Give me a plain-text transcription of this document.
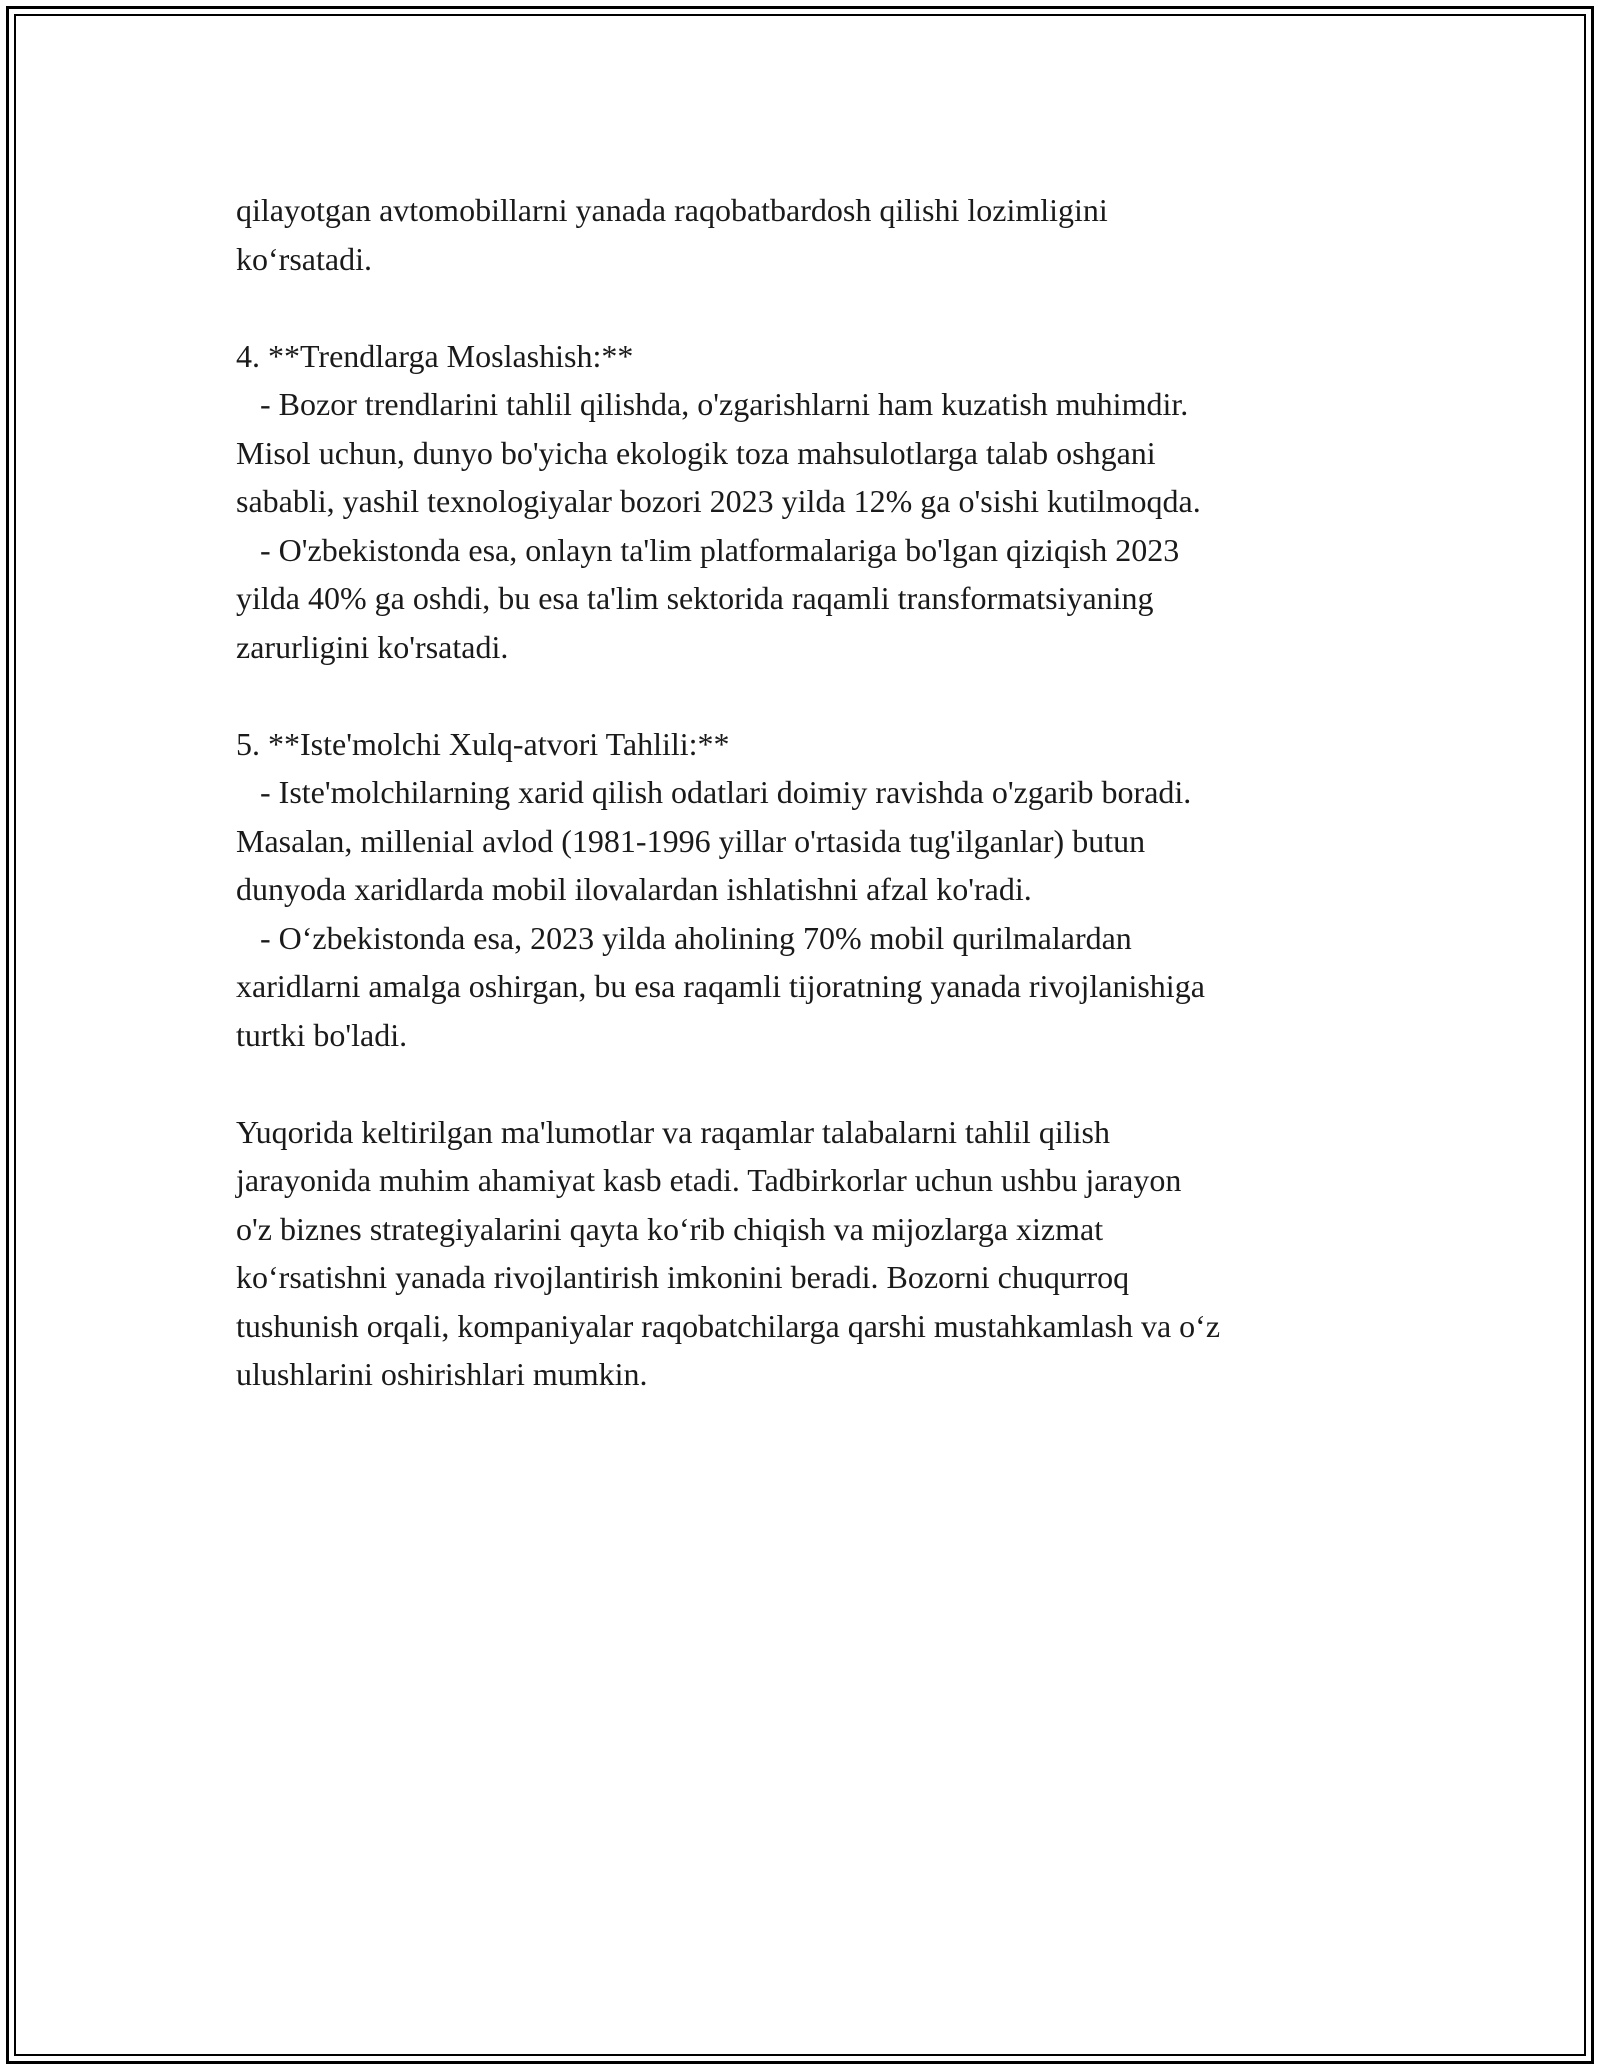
qilayotgan avtomobillarni yanada raqobatbardosh qilishi lozimligini
ko‘rsatadi.
4. **Trendlarga Moslashish:**
- Bozor trendlarini tahlil qilishda, o'zgarishlarni ham kuzatish muhimdir.
Misol uchun, dunyo bo'yicha ekologik toza mahsulotlarga talab oshgani
sababli, yashil texnologiyalar bozori 2023 yilda 12% ga o'sishi kutilmoqda.
- O'zbekistonda esa, onlayn ta'lim platformalariga bo'lgan qiziqish 2023
yilda 40% ga oshdi, bu esa ta'lim sektorida raqamli transformatsiyaning
zarurligini ko'rsatadi.
5. **Iste'molchi Xulq-atvori Tahlili:**
- Iste'molchilarning xarid qilish odatlari doimiy ravishda o'zgarib boradi.
Masalan, millenial avlod (1981-1996 yillar o'rtasida tug'ilganlar) butun
dunyoda xaridlarda mobil ilovalardan ishlatishni afzal ko'radi.
- O‘zbekistonda esa, 2023 yilda aholining 70% mobil qurilmalardan
xaridlarni amalga oshirgan, bu esa raqamli tijoratning yanada rivojlanishiga
turtki bo'ladi.
Yuqorida keltirilgan ma'lumotlar va raqamlar talabalarni tahlil qilish
jarayonida muhim ahamiyat kasb etadi. Tadbirkorlar uchun ushbu jarayon
o'z biznes strategiyalarini qayta ko‘rib chiqish va mijozlarga xizmat
ko‘rsatishni yanada rivojlantirish imkonini beradi. Bozorni chuqurroq
tushunish orqali, kompaniyalar raqobatchilarga qarshi mustahkamlash va o‘z
ulushlarini oshirishlari mumkin.
